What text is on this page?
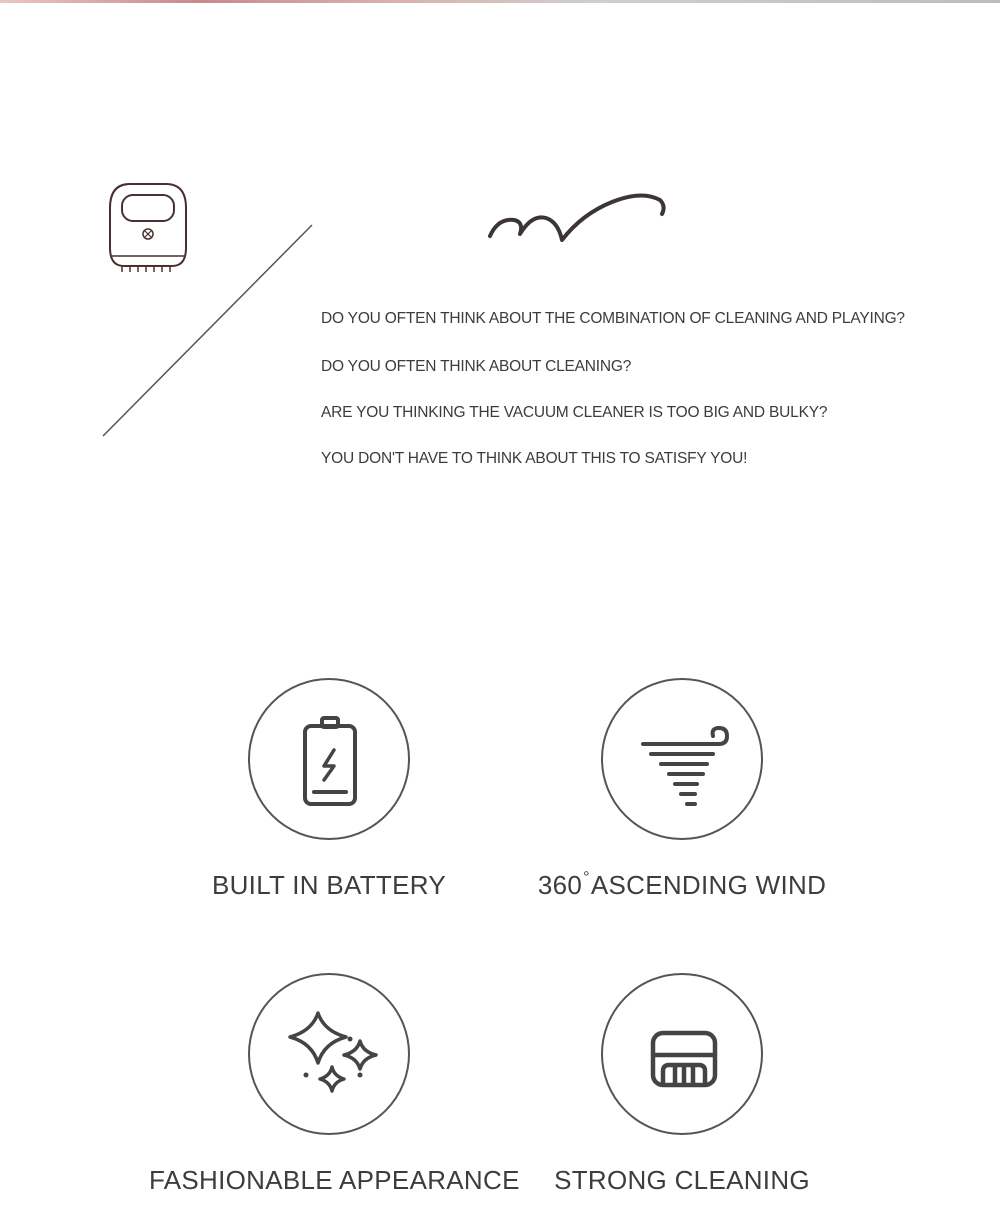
DO YOU OFTEN THINK ABOUT THE COMBINATION OF CLEANING AND PLAYING?
DO YOU OFTEN THINK ABOUT CLEANING?
ARE YOU THINKING THE VACUUM CLEANER IS TOO BIG AND BULKY?
YOU DON'T HAVE TO THINK ABOUT THIS TO SATISFY YOU!
BUILT IN BATTERY	360°ASCENDING WIND
FASHIONABLE APPEARANCE	STRONG CLEANING
